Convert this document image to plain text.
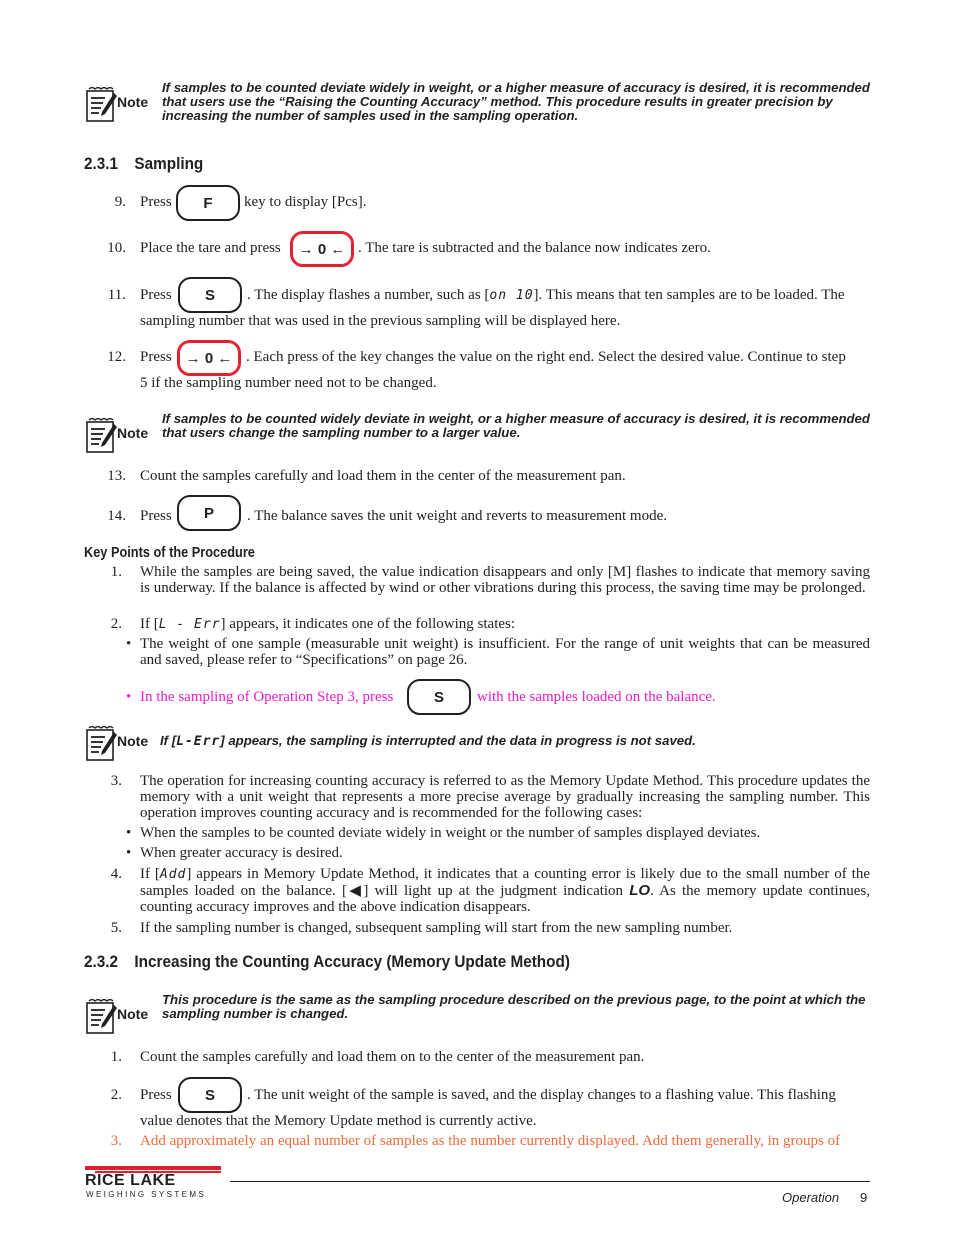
Note
If samples to be counted deviate widely in weight, or a higher measure of accuracy is desired, it is recommended that users use the “Raising the Counting Accuracy” method. This procedure results in greater precision by increasing the number of samples used in the sampling operation.
2.3.1 Sampling
9. Press	F	key to display [Pcs].
10. Place the tare and press	→ 0 ← . The tare is subtracted and the balance now indicates zero.
11. Press	S	. The display flashes a number, such as [on 10]. This means that ten samples are to be loaded. The
sampling number that was used in the previous sampling will be displayed here.
12. Press → 0 ← . Each press of the key changes the value on the right end. Select the desired value. Continue to step
5 if the sampling number need not to be changed.
Note
If samples to be counted widely deviate in weight, or a higher measure of accuracy is desired, it is recommended that users change the sampling number to a larger value.
13. Count the samples carefully and load them in the center of the measurement pan.
14. Press	P	. The balance saves the unit weight and reverts to measurement mode.
Key Points of the Procedure
1. While the samples are being saved, the value indication disappears and only [M] flashes to indicate that memory saving is underway. If the balance is affected by wind or other vibrations during this process, the saving time may be prolonged.
2. If [L - Err] appears, it indicates one of the following states:
• The weight of one sample (measurable unit weight) is insufficient. For the range of unit weights that can be measured and saved, please refer to “Specifications” on page 26.
• In the sampling of Operation Step 3, press	S	with the samples loaded on the balance.
Note If [L-Err] appears, the sampling is interrupted and the data in progress is not saved.
3. The operation for increasing counting accuracy is referred to as the Memory Update Method. This procedure updates the memory with a unit weight that represents a more precise average by gradually increasing the sampling number. This operation improves counting accuracy and is recommended for the following cases:
• When the samples to be counted deviate widely in weight or the number of samples displayed deviates.
• When greater accuracy is desired.
4. If [Add] appears in Memory Update Method, it indicates that a counting error is likely due to the small number of the samples loaded on the balance. [◀] will light up at the judgment indication LO. As the memory update continues, counting accuracy improves and the above indication disappears.
5. If the sampling number is changed, subsequent sampling will start from the new sampling number.
2.3.2 Increasing the Counting Accuracy (Memory Update Method)
Note
This procedure is the same as the sampling procedure described on the previous page, to the point at which the sampling number is changed.
1. Count the samples carefully and load them on to the center of the measurement pan.
2. Press	S	. The unit weight of the sample is saved, and the display changes to a flashing value. This flashing
value denotes that the Memory Update method is currently active.
3. Add approximately an equal number of samples as the number currently displayed. Add them generally, in groups of
RICE LAKE
WEIGHING SYSTEMS	Operation 9
